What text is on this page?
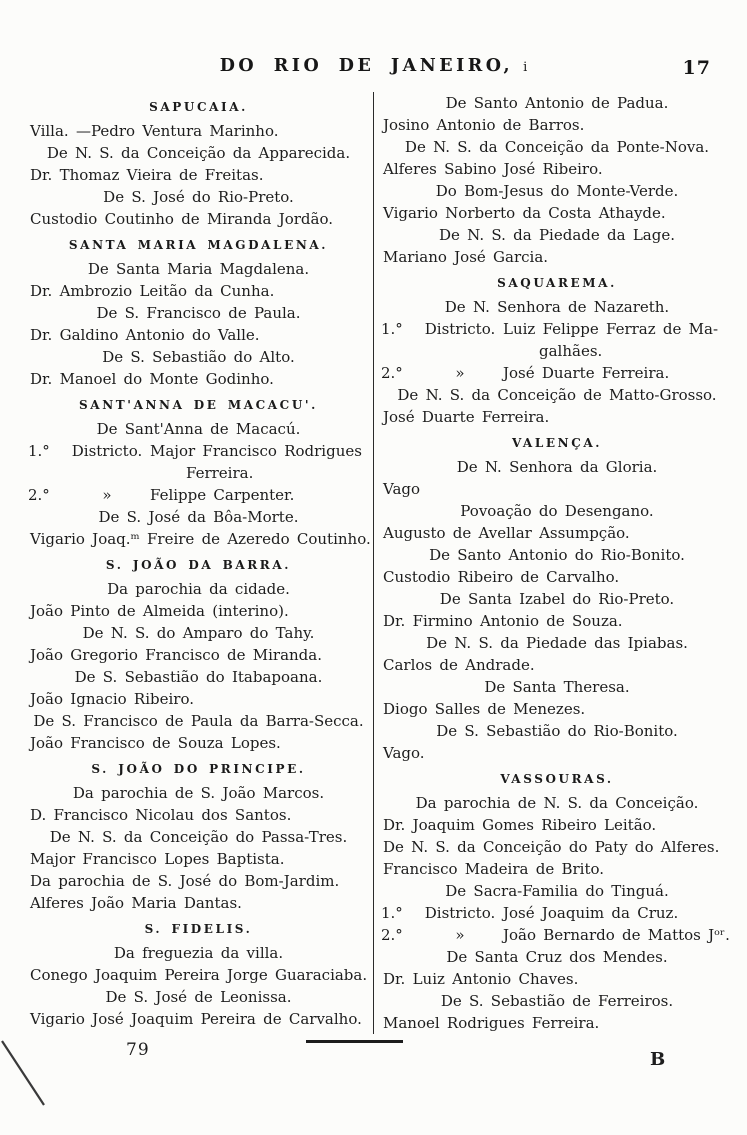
DO RIO DE JANEIRO, i	17
SAPUCAIA.
Villa. —Pedro Ventura Marinho.
De N. S. da Conceição da Apparecida.
Dr. Thomaz Vieira de Freitas.
De S. José do Rio-Preto.
Custodio Coutinho de Miranda Jordão.
SANTA MARIA MAGDALENA.
De Santa Maria Magdalena.
Dr. Ambrozio Leitão da Cunha.
De S. Francisco de Paula.
Dr. Galdino Antonio do Valle.
De S. Sebastião do Alto.
Dr. Manoel do Monte Godinho.
SANT'ANNA DE MACACU'.
De Sant'Anna de Macacú.
1.°	Districto. Major Francisco Rodrigues
Ferreira.
2.°	»	Felippe Carpenter.
De S. José da Bôa-Morte.
Vigario Joaq.ᵐ Freire de Azeredo Coutinho.
S. JOÃO DA BARRA.
Da parochia da cidade.
João Pinto de Almeida (interino).
De N. S. do Amparo do Tahy.
João Gregorio Francisco de Miranda.
De S. Sebastião do Itabapoana.
João Ignacio Ribeiro.
De S. Francisco de Paula da Barra-Secca.
João Francisco de Souza Lopes.
S. JOÃO DO PRINCIPE.
Da parochia de S. João Marcos.
D. Francisco Nicolau dos Santos.
De N. S. da Conceição do Passa-Tres.
Major Francisco Lopes Baptista.
Da parochia de S. José do Bom-Jardim.
Alferes João Maria Dantas.
S. FIDELIS.
Da freguezia da villa.
Conego Joaquim Pereira Jorge Guaraciaba.
De S. José de Leonissa.
Vigario José Joaquim Pereira de Carvalho.
De Santo Antonio de Padua.
Josino Antonio de Barros.
De N. S. da Conceição da Ponte-Nova.
Alferes Sabino José Ribeiro.
Do Bom-Jesus do Monte-Verde.
Vigario Norberto da Costa Athayde.
De N. S. da Piedade da Lage.
Mariano José Garcia.
SAQUAREMA.
De N. Senhora de Nazareth.
1.°	Districto. Luiz Felippe Ferraz de Ma-
galhães.
2.°	»	José Duarte Ferreira.
De N. S. da Conceição de Matto-Grosso.
José Duarte Ferreira.
VALENÇA.
De N. Senhora da Gloria.
Vago
Povoação do Desengano.
Augusto de Avellar Assumpção.
De Santo Antonio do Rio-Bonito.
Custodio Ribeiro de Carvalho.
De Santa Izabel do Rio-Preto.
Dr. Firmino Antonio de Souza.
De N. S. da Piedade das Ipiabas.
Carlos de Andrade.
De Santa Theresa.
Diogo Salles de Menezes.
De S. Sebastião do Rio-Bonito.
Vago.
VASSOURAS.
Da parochia de N. S. da Conceição.
Dr. Joaquim Gomes Ribeiro Leitão.
De N. S. da Conceição do Paty do Alferes.
Francisco Madeira de Brito.
De Sacra-Familia do Tinguá.
1.°	Districto. José Joaquim da Cruz.
2.°	»	João Bernardo de Mattos Jᵒʳ.
De Santa Cruz dos Mendes.
Dr. Luiz Antonio Chaves.
De S. Sebastião de Ferreiros.
Manoel Rodrigues Ferreira.
79	B
